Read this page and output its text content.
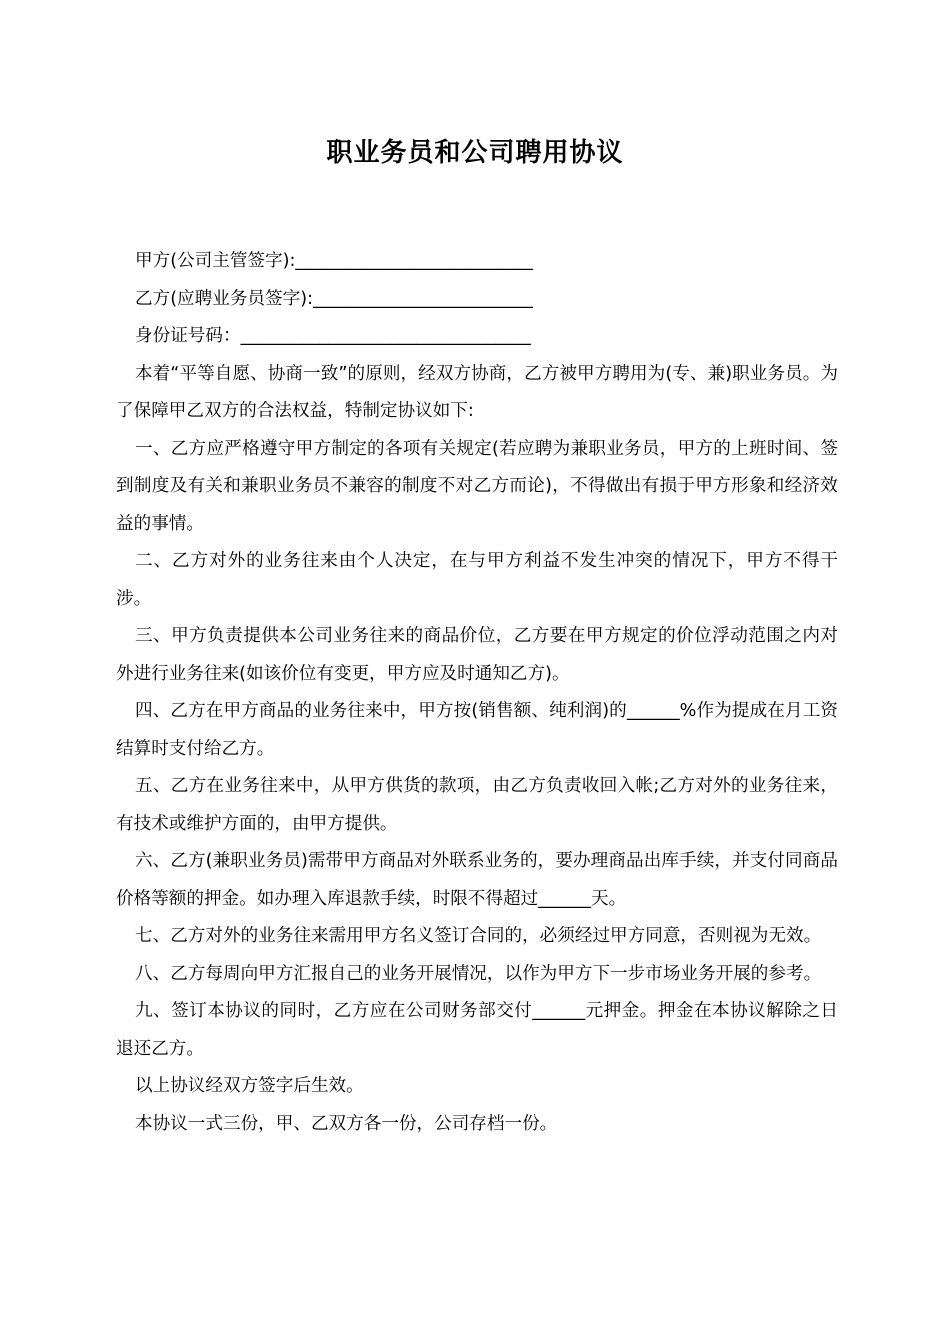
职业务员和公司聘用协议

甲方(公司主管签字):___________________________

乙方(应聘业务员签字):_________________________

身份证号码：_________________________________

本着“平等自愿、协商一致”的原则，经双方协商，乙方被甲方聘用为(专、兼)职业务员。为了保障甲乙双方的合法权益，特制定协议如下:

一、乙方应严格遵守甲方制定的各项有关规定(若应聘为兼职业务员，甲方的上班时间、签到制度及有关和兼职业务员不兼容的制度不对乙方而论)，不得做出有损于甲方形象和经济效益的事情。

二、乙方对外的业务往来由个人决定，在与甲方利益不发生冲突的情况下，甲方不得干涉。

三、甲方负责提供本公司业务往来的商品价位，乙方要在甲方规定的价位浮动范围之内对外进行业务往来(如该价位有变更，甲方应及时通知乙方)。

四、乙方在甲方商品的业务往来中，甲方按(销售额、纯利润)的______%作为提成在月工资结算时支付给乙方。

五、乙方在业务往来中，从甲方供货的款项，由乙方负责收回入帐;乙方对外的业务往来，有技术或维护方面的，由甲方提供。

六、乙方(兼职业务员)需带甲方商品对外联系业务的，要办理商品出库手续，并支付同商品价格等额的押金。如办理入库退款手续，时限不得超过______天。

七、乙方对外的业务往来需用甲方名义签订合同的，必须经过甲方同意，否则视为无效。

八、乙方每周向甲方汇报自己的业务开展情况，以作为甲方下一步市场业务开展的参考。

九、签订本协议的同时，乙方应在公司财务部交付______元押金。押金在本协议解除之日退还乙方。

以上协议经双方签字后生效。

本协议一式三份，甲、乙双方各一份，公司存档一份。
